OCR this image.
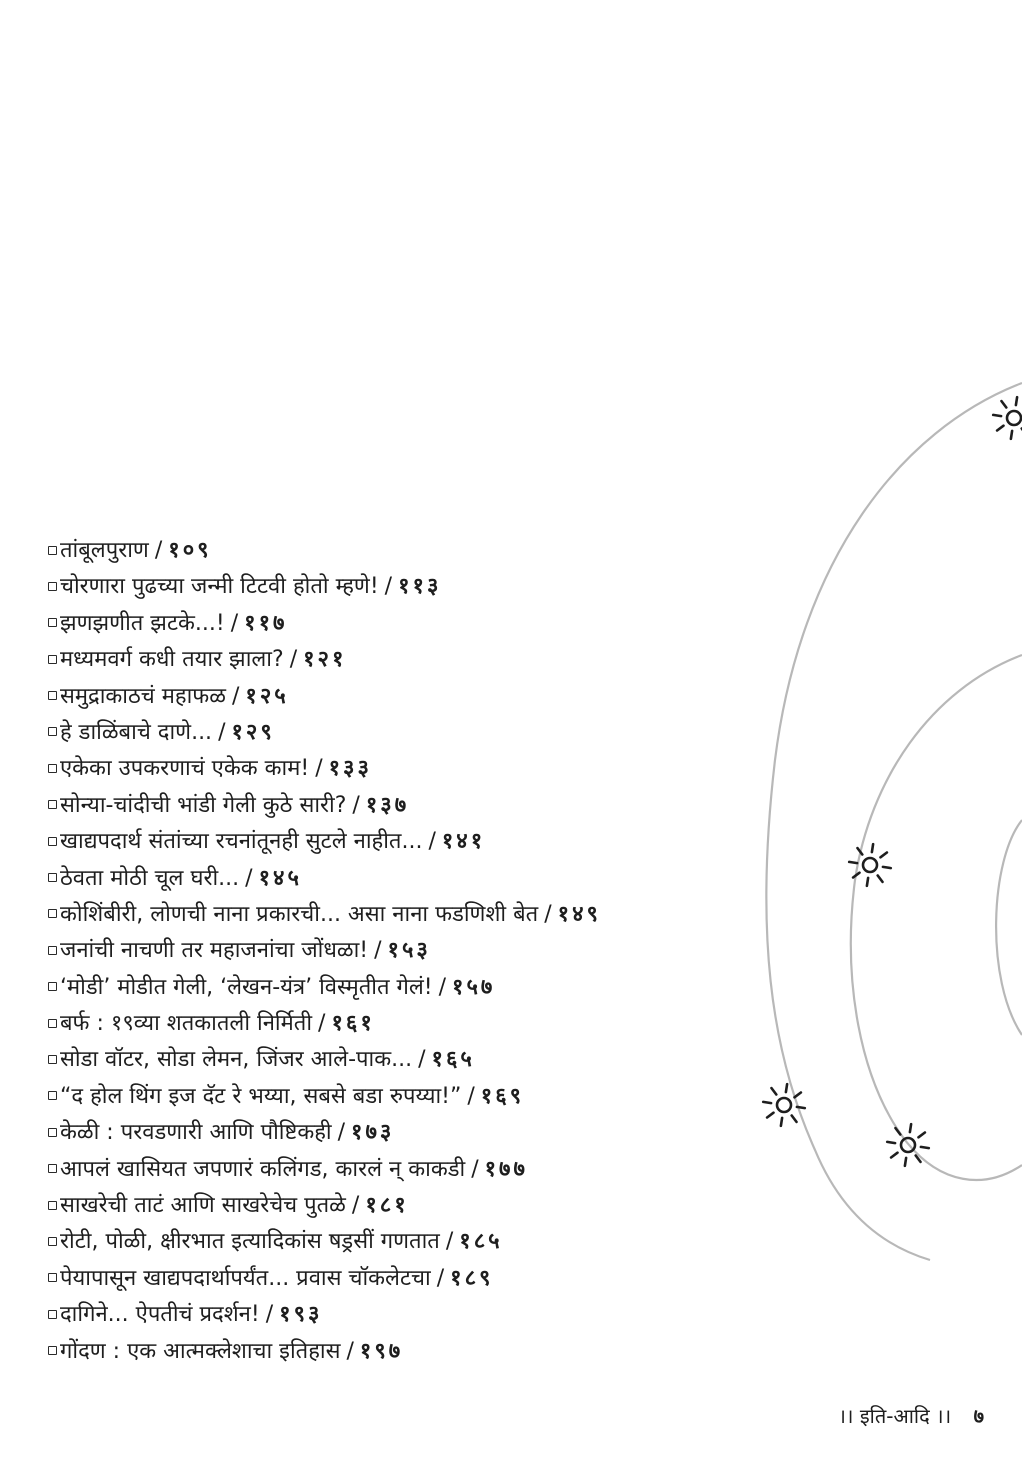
तांबूलपुराण / १०९
चोरणारा पुढच्या जन्मी टिटवी होतो म्हणे! / ११३
झणझणीत झटके...! / ११७
मध्यमवर्ग कधी तयार झाला? / १२१
समुद्राकाठचं महाफळ / १२५
हे डाळिंबाचे दाणे... / १२९
एकेका उपकरणाचं एकेक काम! / १३३
सोन्या-चांदीची भांडी गेली कुठे सारी? / १३७
खाद्यपदार्थ संतांच्या रचनांतूनही सुटले नाहीत... / १४१
ठेवता मोठी चूल घरी... / १४५
कोशिंबीरी, लोणची नाना प्रकारची... असा नाना फडणिशी बेत / १४९
जनांची नाचणी तर महाजनांचा जोंधळा! / १५३
‘मोडी’ मोडीत गेली, ‘लेखन-यंत्र’ विस्मृतीत गेलं! / १५७
बर्फ : १९व्या शतकातली निर्मिती / १६१
सोडा वॉटर, सोडा लेमन, जिंजर आले-पाक... / १६५
“द होल थिंग इज दॅट रे भय्या, सबसे बडा रुपय्या!” / १६९
केळी : परवडणारी आणि पौष्टिकही / १७३
आपलं खासियत जपणारं कलिंगड, कारलं न् काकडी / १७७
साखरेची ताटं आणि साखरेचेच पुतळे / १८१
रोटी, पोळी, क्षीरभात इत्यादिकांस षड्रसीं गणतात / १८५
पेयापासून खाद्यपदार्थापर्यंत... प्रवास चॉकलेटचा / १८९
दागिने... ऐपतीचं प्रदर्शन! / १९३
गोंदण : एक आत्मक्लेशाचा इतिहास / १९७
।। इति-आदि ।। ७
